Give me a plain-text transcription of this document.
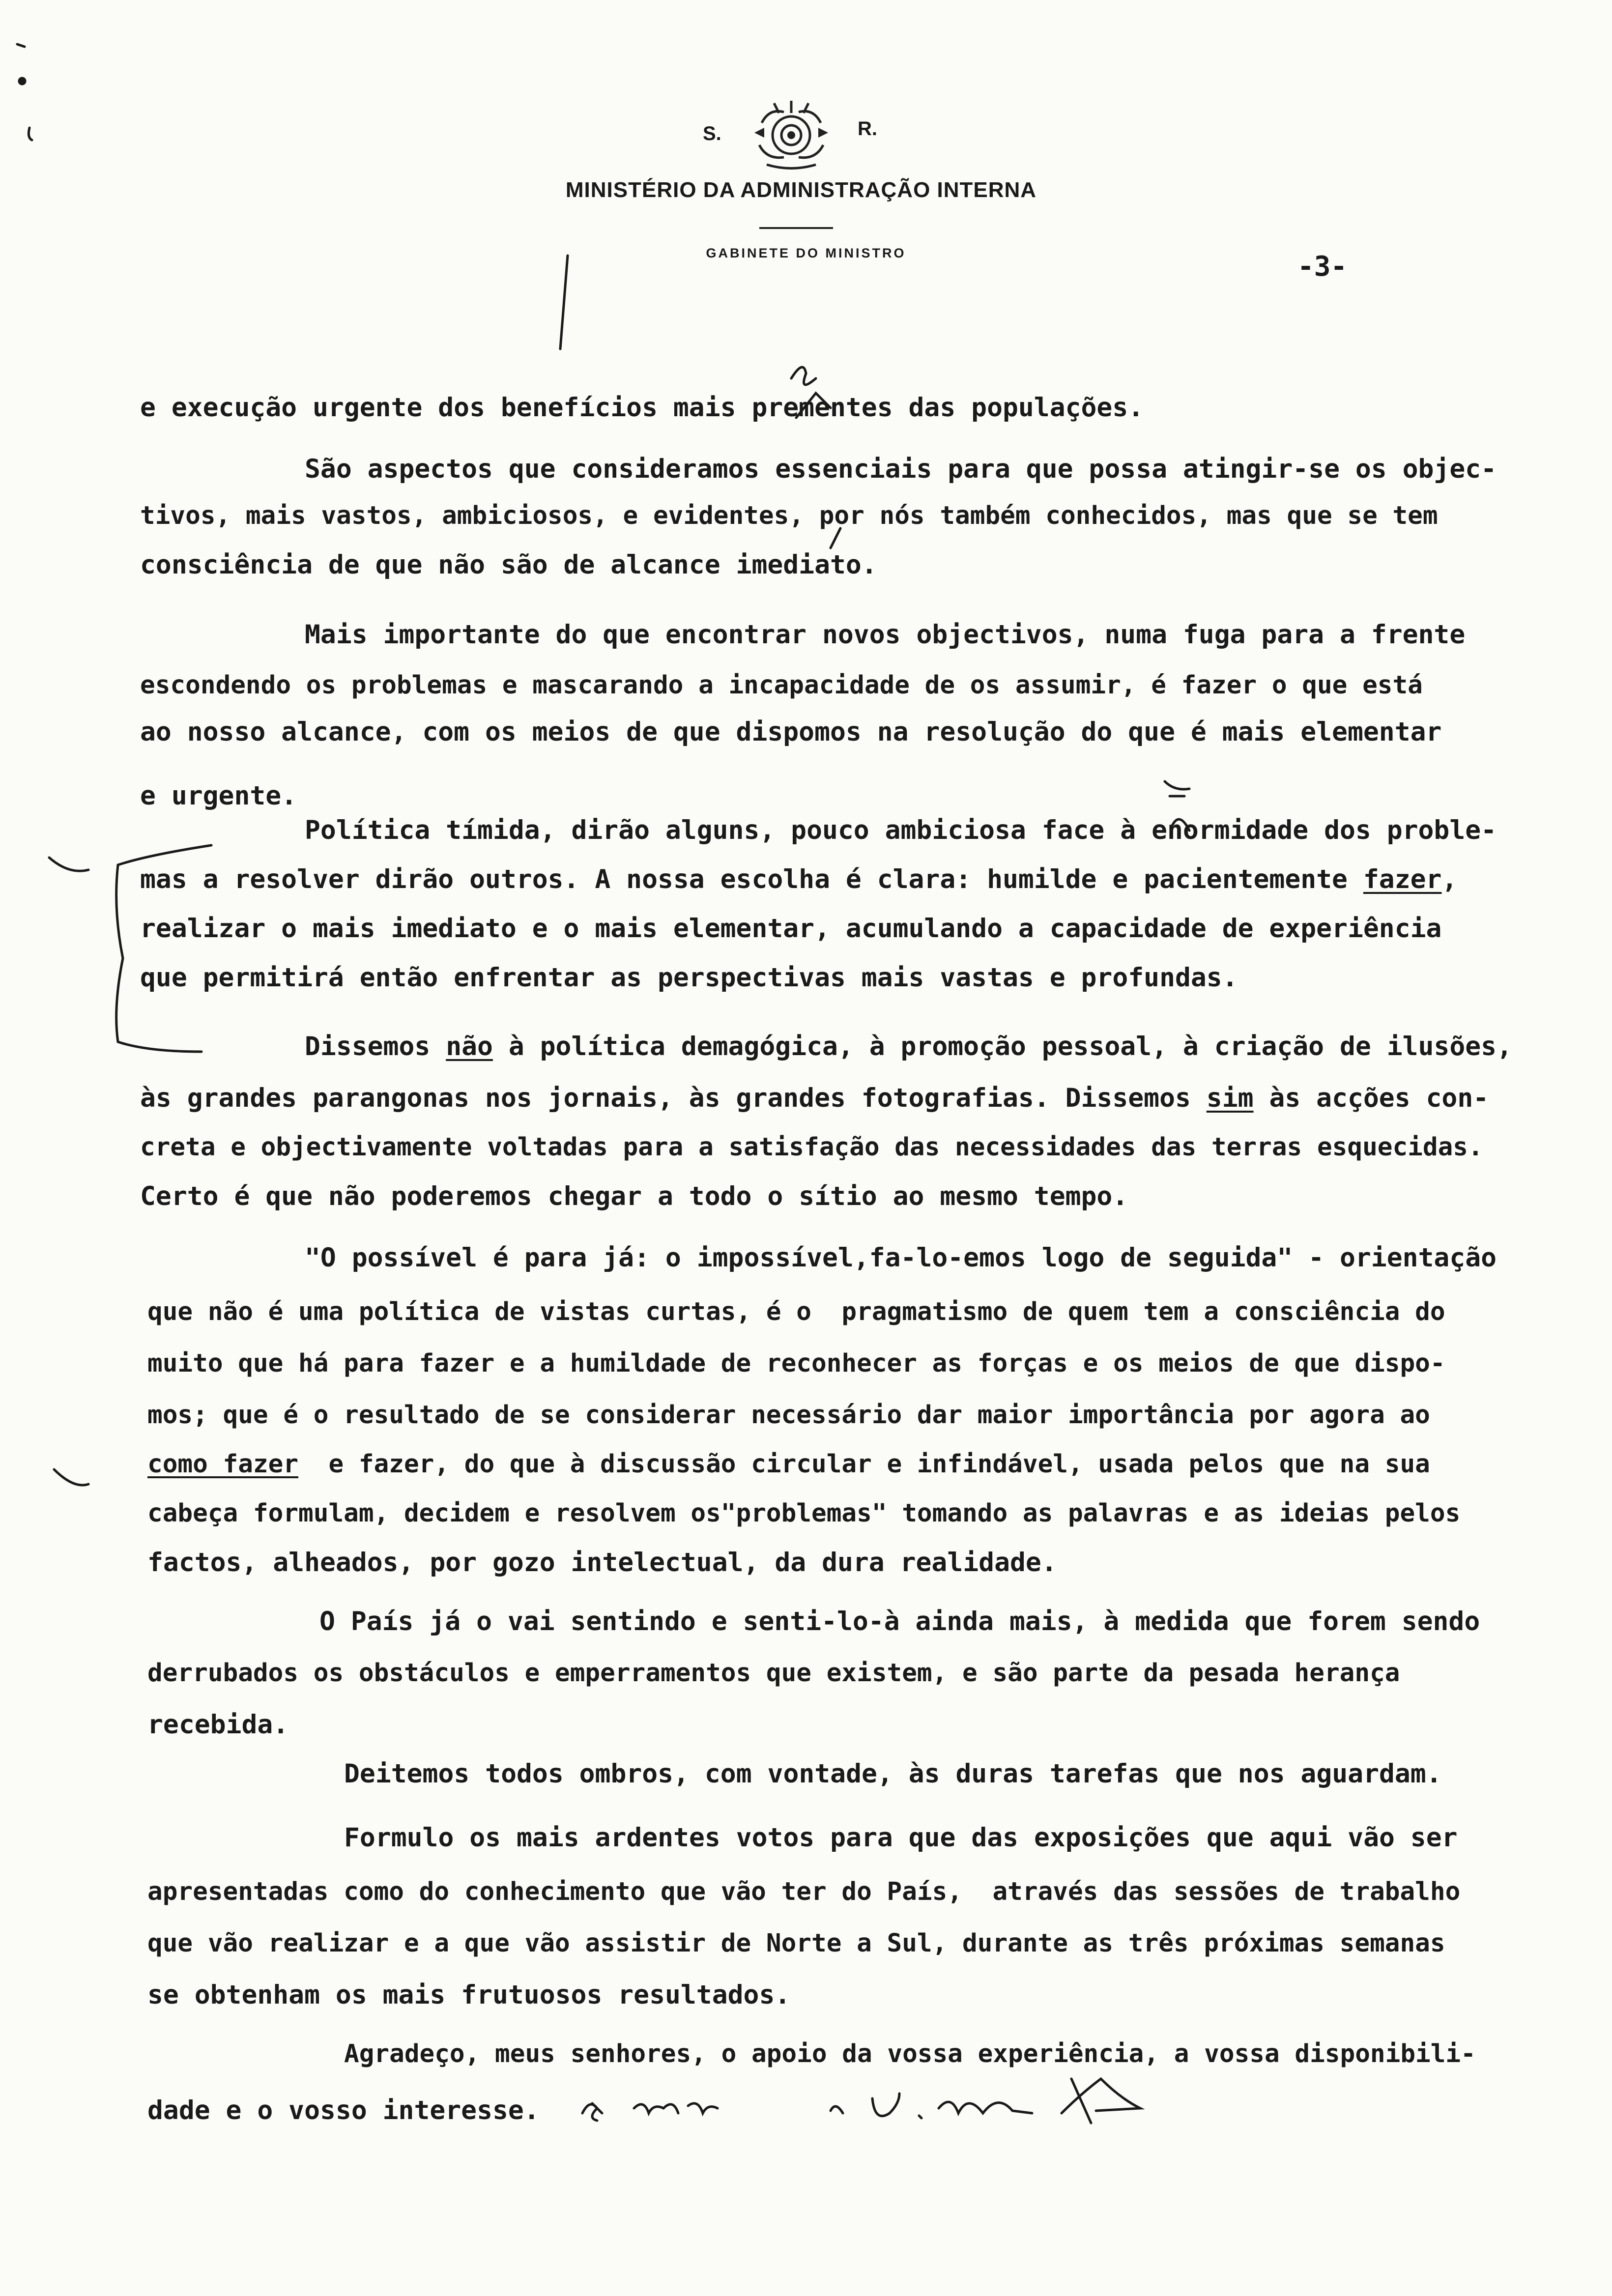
S.	R.
MINISTÉRIO DA ADMINISTRAÇÃO INTERNA
GABINETE DO MINISTRO	-3-
e execução urgente dos benefícios mais prementes das populações.
São aspectos que consideramos essenciais para que possa atingir-se os objec-
tivos, mais vastos, ambiciosos, e evidentes, por nós também conhecidos, mas que se tem
consciência de que não são de alcance imediato.
Mais importante do que encontrar novos objectivos, numa fuga para a frente
escondendo os problemas e mascarando a incapacidade de os assumir, é fazer o que está
ao nosso alcance, com os meios de que dispomos na resolução do que é mais elementar
e urgente.
Política tímida, dirão alguns, pouco ambiciosa face à enormidade dos proble-
mas a resolver dirão outros. A nossa escolha é clara: humilde e pacientemente fazer,
realizar o mais imediato e o mais elementar, acumulando a capacidade de experiência
que permitirá então enfrentar as perspectivas mais vastas e profundas.
Dissemos não à política demagógica, à promoção pessoal, à criação de ilusões,
às grandes parangonas nos jornais, às grandes fotografias. Dissemos sim às acções con-
creta e objectivamente voltadas para a satisfação das necessidades das terras esquecidas.
Certo é que não poderemos chegar a todo o sítio ao mesmo tempo.
"O possível é para já: o impossível,fa-lo-emos logo de seguida" - orientação
que não é uma política de vistas curtas, é o  pragmatismo de quem tem a consciência do
muito que há para fazer e a humildade de reconhecer as forças e os meios de que dispo-
mos; que é o resultado de se considerar necessário dar maior importância por agora ao
como fazer  e fazer, do que à discussão circular e infindável, usada pelos que na sua
cabeça formulam, decidem e resolvem os"problemas" tomando as palavras e as ideias pelos
factos, alheados, por gozo intelectual, da dura realidade.
O País já o vai sentindo e senti-lo-à ainda mais, à medida que forem sendo
derrubados os obstáculos e emperramentos que existem, e são parte da pesada herança
recebida.
Deitemos todos ombros, com vontade, às duras tarefas que nos aguardam.
Formulo os mais ardentes votos para que das exposições que aqui vão ser
apresentadas como do conhecimento que vão ter do País,  através das sessões de trabalho
que vão realizar e a que vão assistir de Norte a Sul, durante as três próximas semanas
se obtenham os mais frutuosos resultados.
Agradeço, meus senhores, o apoio da vossa experiência, a vossa disponibili-
dade e o vosso interesse.
